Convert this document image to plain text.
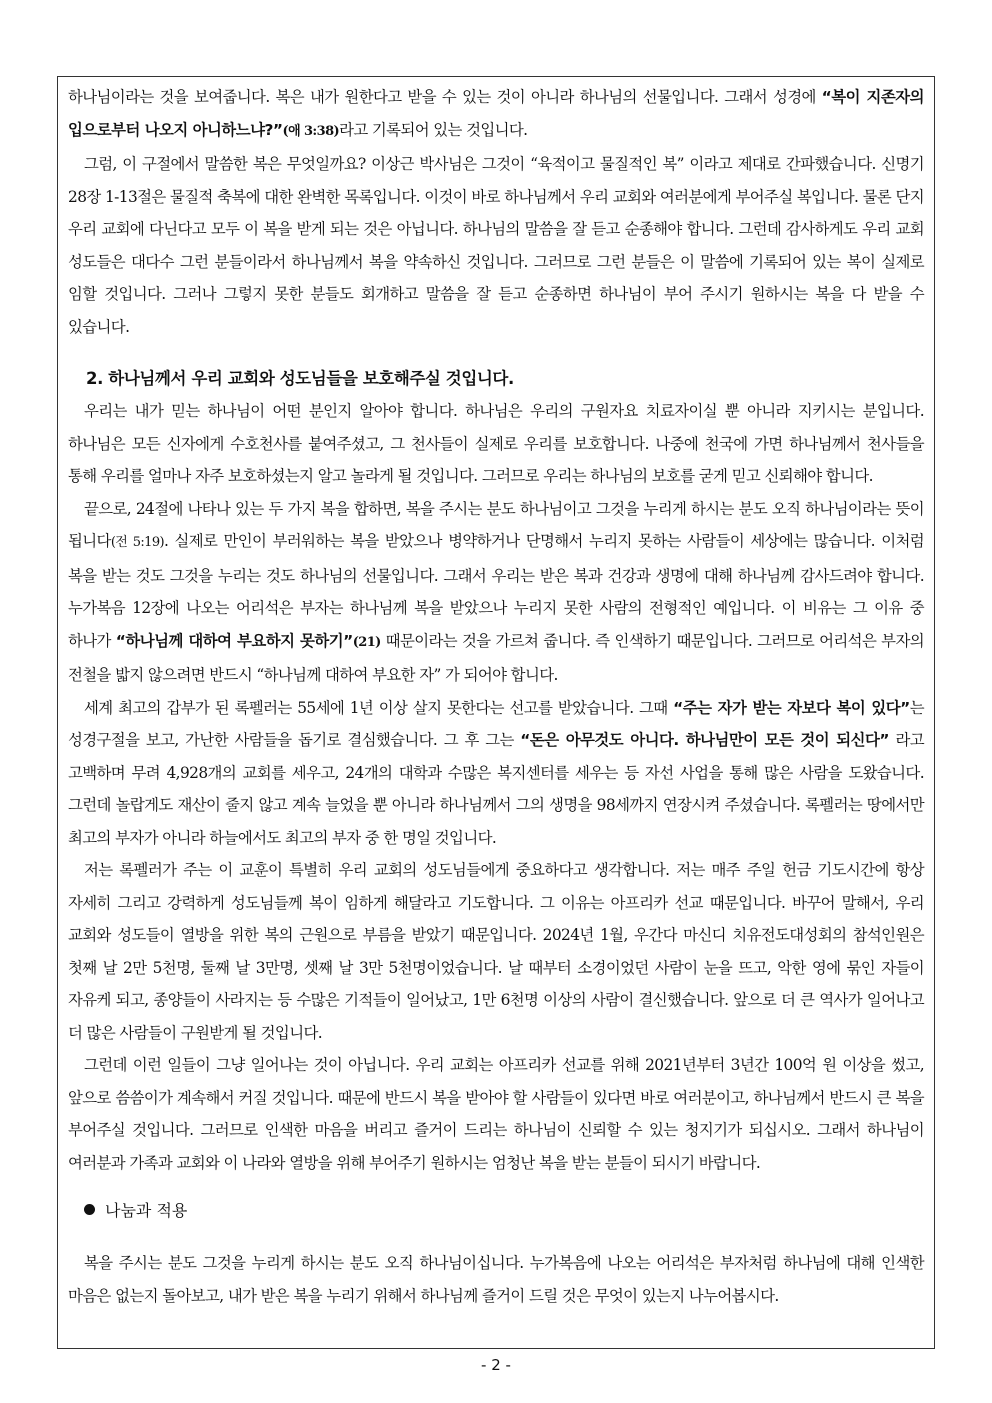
하나님이라는 것을 보여줍니다. 복은 내가 원한다고 받을 수 있는 것이 아니라 하나님의 선물입니다. 그래서 성경에 “복이 지존자의 입으로부터 나오지 아니하느냐?”(애 3:38)라고 기록되어 있는 것입니다.

그럼, 이 구절에서 말씀한 복은 무엇일까요? 이상근 박사님은 그것이 “육적이고 물질적인 복” 이라고 제대로 간파했습니다. 신명기 28장 1-13절은 물질적 축복에 대한 완벽한 목록입니다. 이것이 바로 하나님께서 우리 교회와 여러분에게 부어주실 복입니다. 물론 단지 우리 교회에 다닌다고 모두 이 복을 받게 되는 것은 아닙니다. 하나님의 말씀을 잘 듣고 순종해야 합니다. 그런데 감사하게도 우리 교회 성도들은 대다수 그런 분들이라서 하나님께서 복을 약속하신 것입니다. 그러므로 그런 분들은 이 말씀에 기록되어 있는 복이 실제로 임할 것입니다. 그러나 그렇지 못한 분들도 회개하고 말씀을 잘 듣고 순종하면 하나님이 부어 주시기 원하시는 복을 다 받을 수 있습니다.

2. 하나님께서 우리 교회와 성도님들을 보호해주실 것입니다.

우리는 내가 믿는 하나님이 어떤 분인지 알아야 합니다. 하나님은 우리의 구원자요 치료자이실 뿐 아니라 지키시는 분입니다. 하나님은 모든 신자에게 수호천사를 붙여주셨고, 그 천사들이 실제로 우리를 보호합니다. 나중에 천국에 가면 하나님께서 천사들을 통해 우리를 얼마나 자주 보호하셨는지 알고 놀라게 될 것입니다. 그러므로 우리는 하나님의 보호를 굳게 믿고 신뢰해야 합니다.

끝으로, 24절에 나타나 있는 두 가지 복을 합하면, 복을 주시는 분도 하나님이고 그것을 누리게 하시는 분도 오직 하나님이라는 뜻이 됩니다(전 5:19). 실제로 만인이 부러워하는 복을 받았으나 병약하거나 단명해서 누리지 못하는 사람들이 세상에는 많습니다. 이처럼 복을 받는 것도 그것을 누리는 것도 하나님의 선물입니다. 그래서 우리는 받은 복과 건강과 생명에 대해 하나님께 감사드려야 합니다. 누가복음 12장에 나오는 어리석은 부자는 하나님께 복을 받았으나 누리지 못한 사람의 전형적인 예입니다. 이 비유는 그 이유 중 하나가 “하나님께 대하여 부요하지 못하기”(21) 때문이라는 것을 가르쳐 줍니다. 즉 인색하기 때문입니다. 그러므로 어리석은 부자의 전철을 밟지 않으려면 반드시 “하나님께 대하여 부요한 자” 가 되어야 합니다.

세계 최고의 갑부가 된 록펠러는 55세에 1년 이상 살지 못한다는 선고를 받았습니다. 그때 “주는 자가 받는 자보다 복이 있다”는 성경구절을 보고, 가난한 사람들을 돕기로 결심했습니다. 그 후 그는 “돈은 아무것도 아니다. 하나님만이 모든 것이 되신다” 라고 고백하며 무려 4,928개의 교회를 세우고, 24개의 대학과 수많은 복지센터를 세우는 등 자선 사업을 통해 많은 사람을 도왔습니다. 그런데 놀랍게도 재산이 줄지 않고 계속 늘었을 뿐 아니라 하나님께서 그의 생명을 98세까지 연장시켜 주셨습니다. 록펠러는 땅에서만 최고의 부자가 아니라 하늘에서도 최고의 부자 중 한 명일 것입니다.

저는 록펠러가 주는 이 교훈이 특별히 우리 교회의 성도님들에게 중요하다고 생각합니다. 저는 매주 주일 헌금 기도시간에 항상 자세히 그리고 강력하게 성도님들께 복이 임하게 해달라고 기도합니다. 그 이유는 아프리카 선교 때문입니다. 바꾸어 말해서, 우리 교회와 성도들이 열방을 위한 복의 근원으로 부름을 받았기 때문입니다. 2024년 1월, 우간다 마신디 치유전도대성회의 참석인원은 첫째 날 2만 5천명, 둘째 날 3만명, 셋째 날 3만 5천명이었습니다. 날 때부터 소경이었던 사람이 눈을 뜨고, 악한 영에 묶인 자들이 자유케 되고, 종양들이 사라지는 등 수많은 기적들이 일어났고, 1만 6천명 이상의 사람이 결신했습니다. 앞으로 더 큰 역사가 일어나고 더 많은 사람들이 구원받게 될 것입니다.

그런데 이런 일들이 그냥 일어나는 것이 아닙니다. 우리 교회는 아프리카 선교를 위해 2021년부터 3년간 100억 원 이상을 썼고, 앞으로 씀씀이가 계속해서 커질 것입니다. 때문에 반드시 복을 받아야 할 사람들이 있다면 바로 여러분이고, 하나님께서 반드시 큰 복을 부어주실 것입니다. 그러므로 인색한 마음을 버리고 즐거이 드리는 하나님이 신뢰할 수 있는 청지기가 되십시오. 그래서 하나님이 여러분과 가족과 교회와 이 나라와 열방을 위해 부어주기 원하시는 엄청난 복을 받는 분들이 되시기 바랍니다.

나눔과 적용

복을 주시는 분도 그것을 누리게 하시는 분도 오직 하나님이십니다. 누가복음에 나오는 어리석은 부자처럼 하나님에 대해 인색한 마음은 없는지 돌아보고, 내가 받은 복을 누리기 위해서 하나님께 즐거이 드릴 것은 무엇이 있는지 나누어봅시다.

- 2 -
